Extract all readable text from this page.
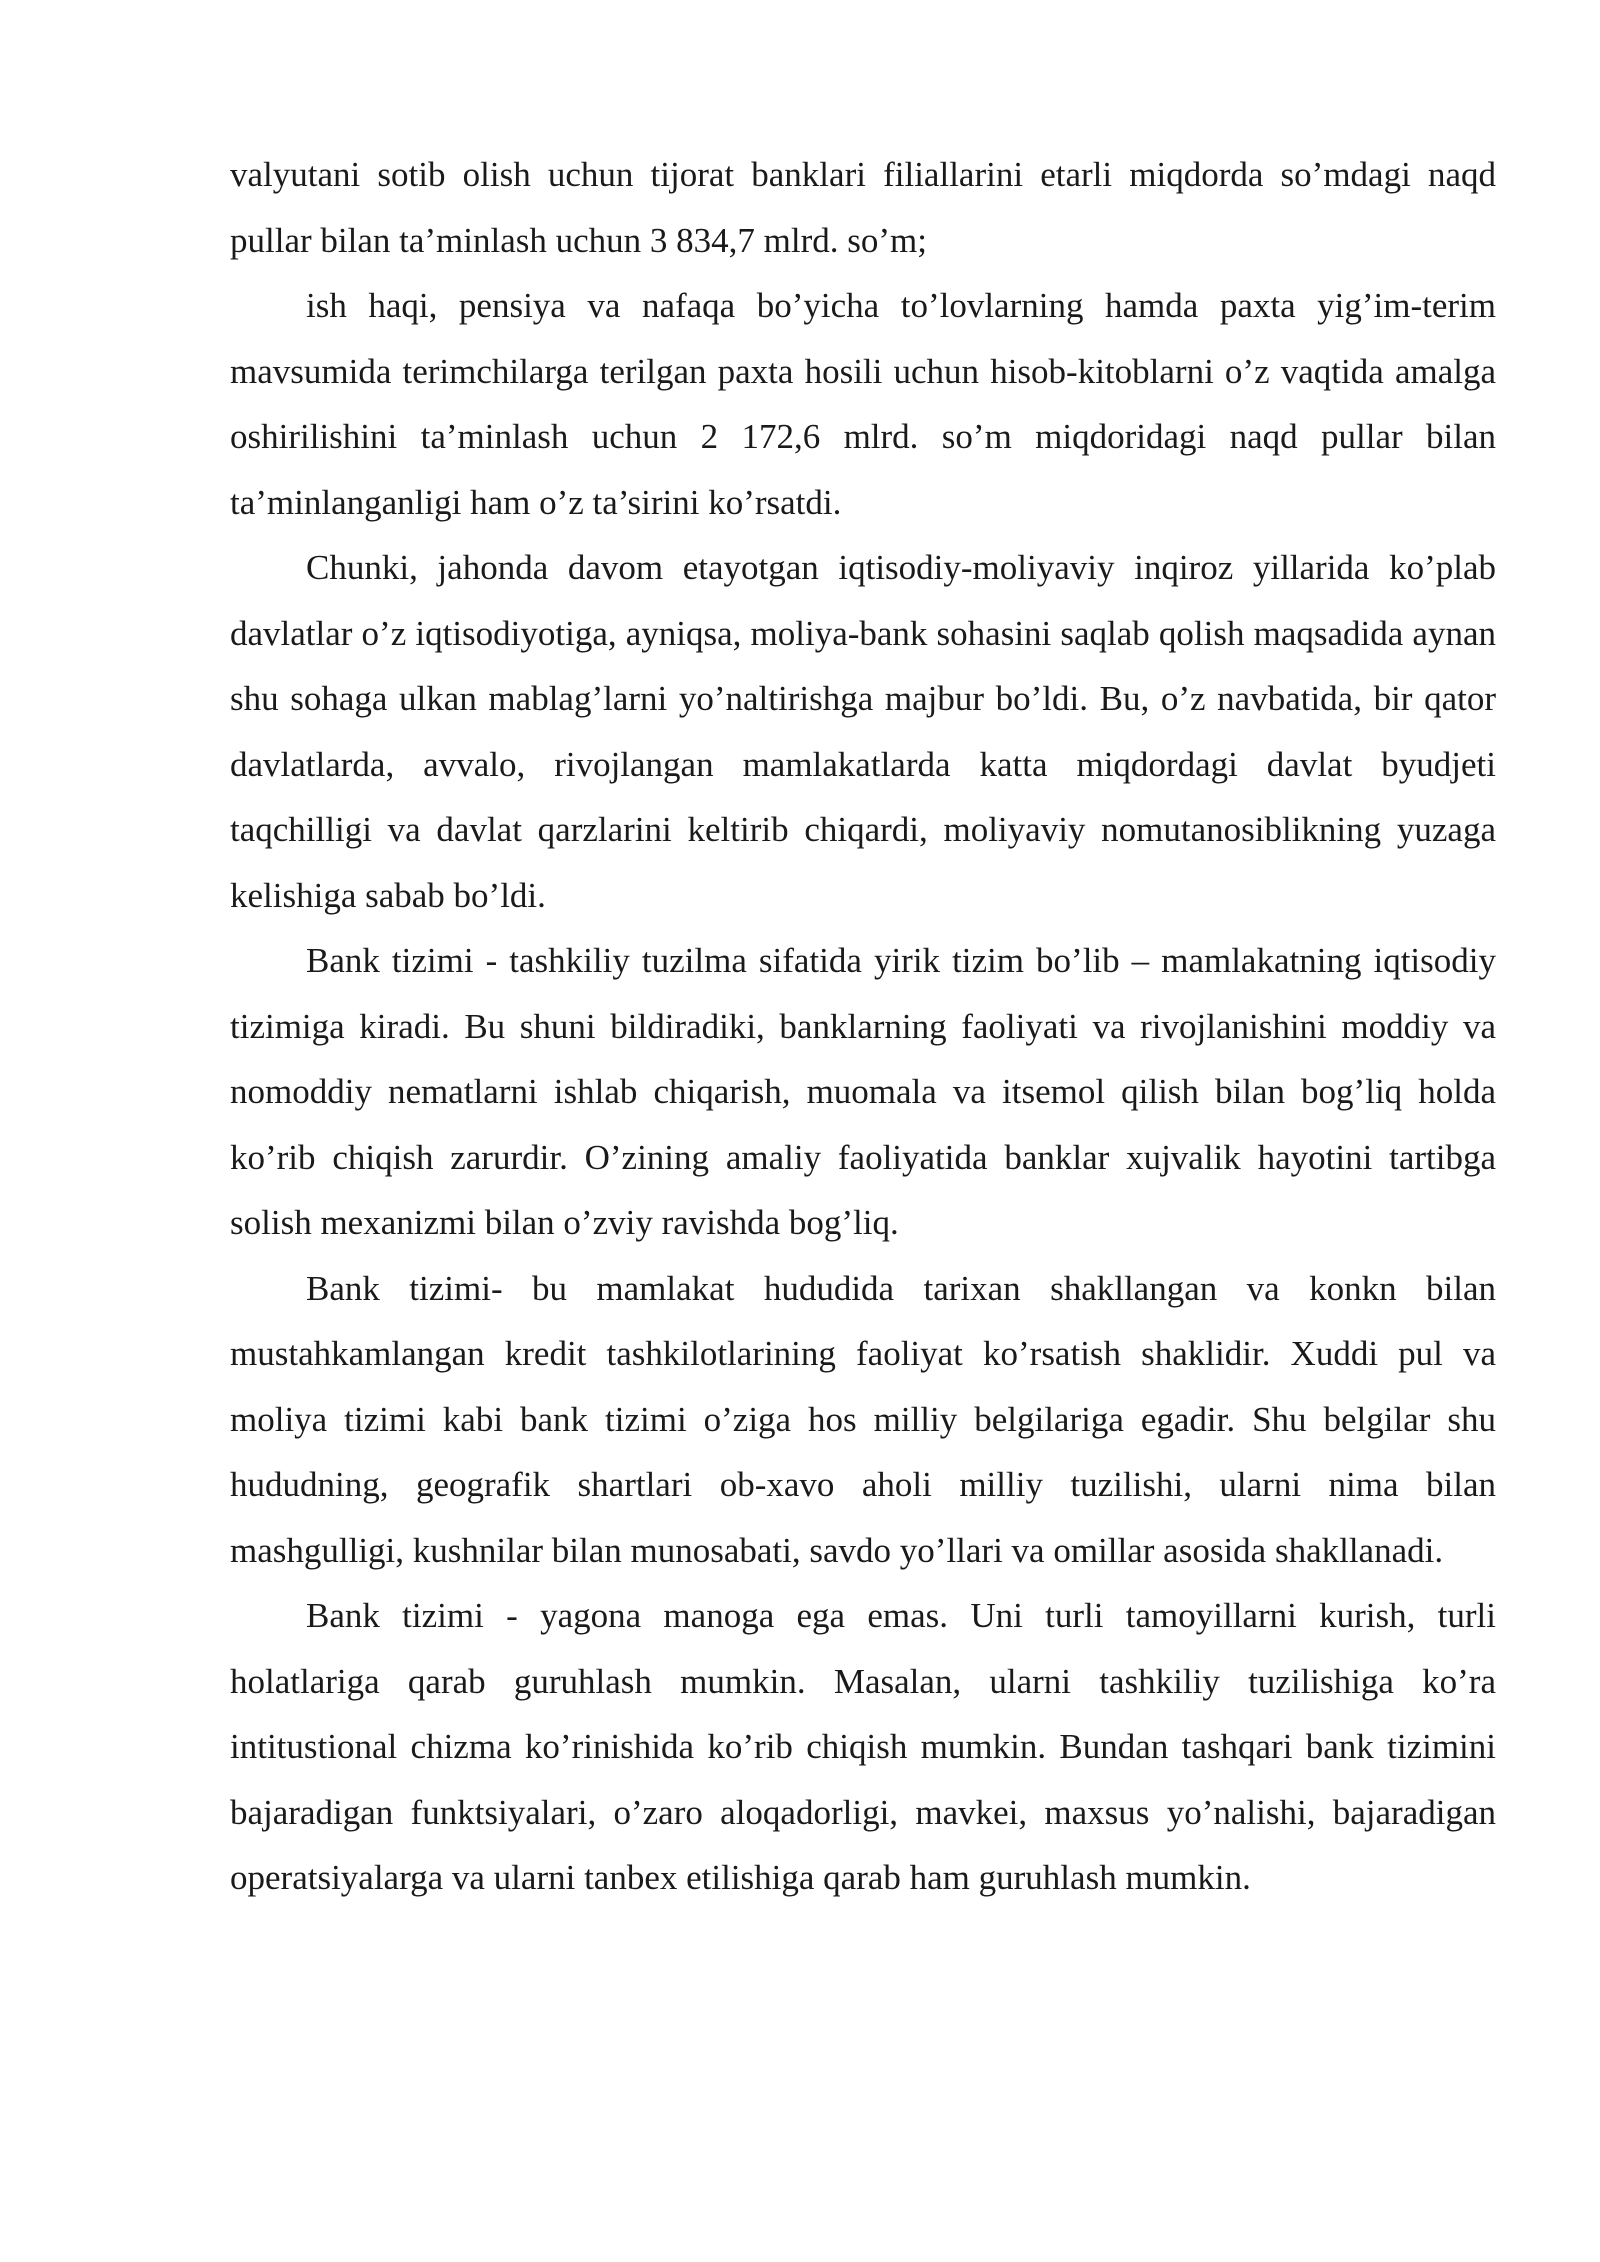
valyutani sotib olish uchun tijorat banklari filiallarini etarli miqdorda so’mdagi naqd pullar bilan ta’minlash uchun 3 834,7 mlrd. so’m;

ish haqi, pensiya va nafaqa bo’yicha to’lovlarning hamda paxta yig’im-terim mavsumida terimchilarga terilgan paxta hosili uchun hisob-kitoblarni o’z vaqtida amalga oshirilishini ta’minlash uchun 2 172,6 mlrd. so’m miqdoridagi naqd pullar bilan ta’minlanganligi ham o’z ta’sirini ko’rsatdi.

Chunki, jahonda davom etayotgan iqtisodiy-moliyaviy inqiroz yillarida ko’plab davlatlar o’z iqtisodiyotiga, ayniqsa, moliya-bank sohasini saqlab qolish maqsadida aynan shu sohaga ulkan mablag’larni yo’naltirishga majbur bo’ldi. Bu, o’z navbatida, bir qator davlatlarda, avvalo, rivojlangan mamlakatlarda katta miqdordagi davlat byudjeti taqchilligi va davlat qarzlarini keltirib chiqardi, moliyaviy nomutanosiblikning yuzaga kelishiga sabab bo’ldi.

Bank tizimi - tashkiliy tuzilma sifatida yirik tizim bo’lib – mamlakatning iqtisodiy tizimiga kiradi. Bu shuni bildiradiki, banklarning faoliyati va rivojlanishini moddiy va nomoddiy nematlarni ishlab chiqarish, muomala va itsemol qilish bilan bog’liq holda ko’rib chiqish zarurdir. O’zining amaliy faoliyatida banklar xujvalik hayotini tartibga solish mexanizmi bilan o’zviy ravishda bog’liq.

Bank tizimi- bu mamlakat hududida tarixan shakllangan va konkn bilan mustahkamlangan kredit tashkilotlarining faoliyat ko’rsatish shaklidir. Xuddi pul va moliya tizimi kabi bank tizimi o’ziga hos milliy belgilariga egadir. Shu belgilar shu hududning, geografik shartlari ob-xavo aholi milliy tuzilishi, ularni nima bilan mashgulligi, kushnilar bilan munosabati, savdo yo’llari va omillar asosida shakllanadi.

Bank tizimi - yagona manoga ega emas. Uni turli tamoyillarni kurish, turli holatlariga qarab guruhlash mumkin. Masalan, ularni tashkiliy tuzilishiga ko’ra intitustional chizma ko’rinishida ko’rib chiqish mumkin. Bundan tashqari bank tizimini bajaradigan funktsiyalari, o’zaro aloqadorligi, mavkei, maxsus yo’nalishi, bajaradigan operatsiyalarga va ularni tanbex etilishiga qarab ham guruhlash mumkin.
